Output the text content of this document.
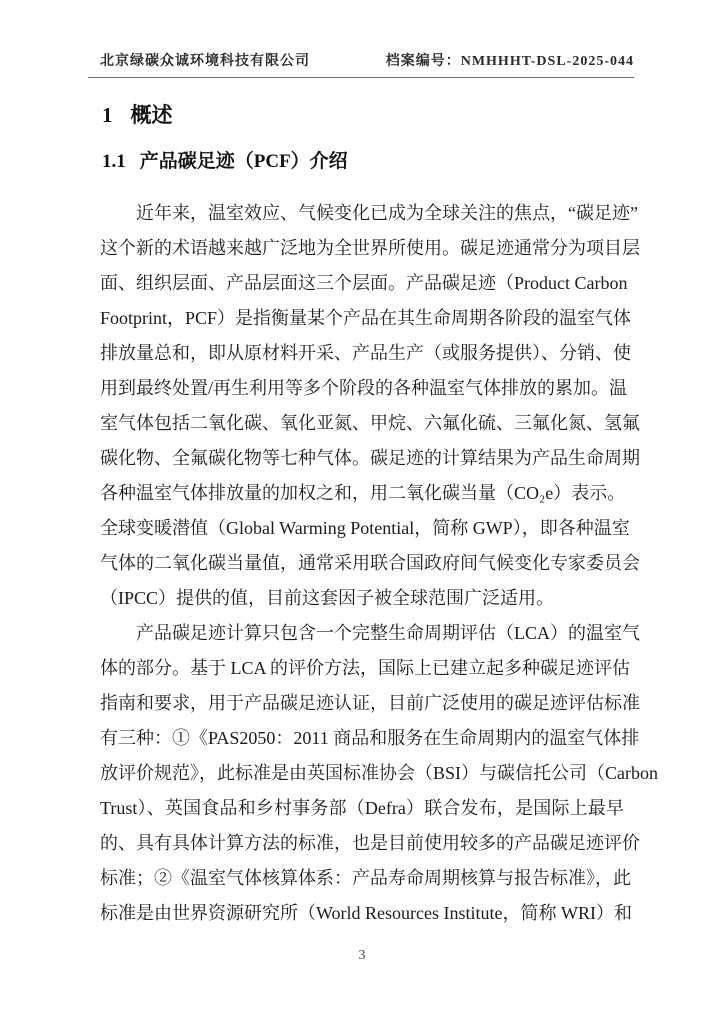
北京绿碳众诚环境科技有限公司	档案编号：NMHHHT-DSL-2025-044
1 概述
1.1 产品碳足迹（PCF）介绍
近年来，温室效应、气候变化已成为全球关注的焦点，“碳足迹”
这个新的术语越来越广泛地为全世界所使用。碳足迹通常分为项目层
面、组织层面、产品层面这三个层面。产品碳足迹（Product Carbon
Footprint，PCF）是指衡量某个产品在其生命周期各阶段的温室气体
排放量总和，即从原材料开采、产品生产（或服务提供）、分销、使
用到最终处置/再生利用等多个阶段的各种温室气体排放的累加。温
室气体包括二氧化碳、氧化亚氮、甲烷、六氟化硫、三氟化氮、氢氟
碳化物、全氟碳化物等七种气体。碳足迹的计算结果为产品生命周期
各种温室气体排放量的加权之和，用二氧化碳当量（CO₂e）表示。
全球变暖潜值（Global Warming Potential，简称 GWP），即各种温室
气体的二氧化碳当量值，通常采用联合国政府间气候变化专家委员会
（IPCC）提供的值，目前这套因子被全球范围广泛适用。
产品碳足迹计算只包含一个完整生命周期评估（LCA）的温室气
体的部分。基于 LCA 的评价方法，国际上已建立起多种碳足迹评估
指南和要求，用于产品碳足迹认证，目前广泛使用的碳足迹评估标准
有三种：①《PAS2050：2011 商品和服务在生命周期内的温室气体排
放评价规范》，此标准是由英国标准协会（BSI）与碳信托公司（Carbon
Trust）、英国食品和乡村事务部（Defra）联合发布，是国际上最早
的、具有具体计算方法的标准，也是目前使用较多的产品碳足迹评价
标准；②《温室气体核算体系：产品寿命周期核算与报告标准》，此
标准是由世界资源研究所（World Resources Institute，简称 WRI）和
3
